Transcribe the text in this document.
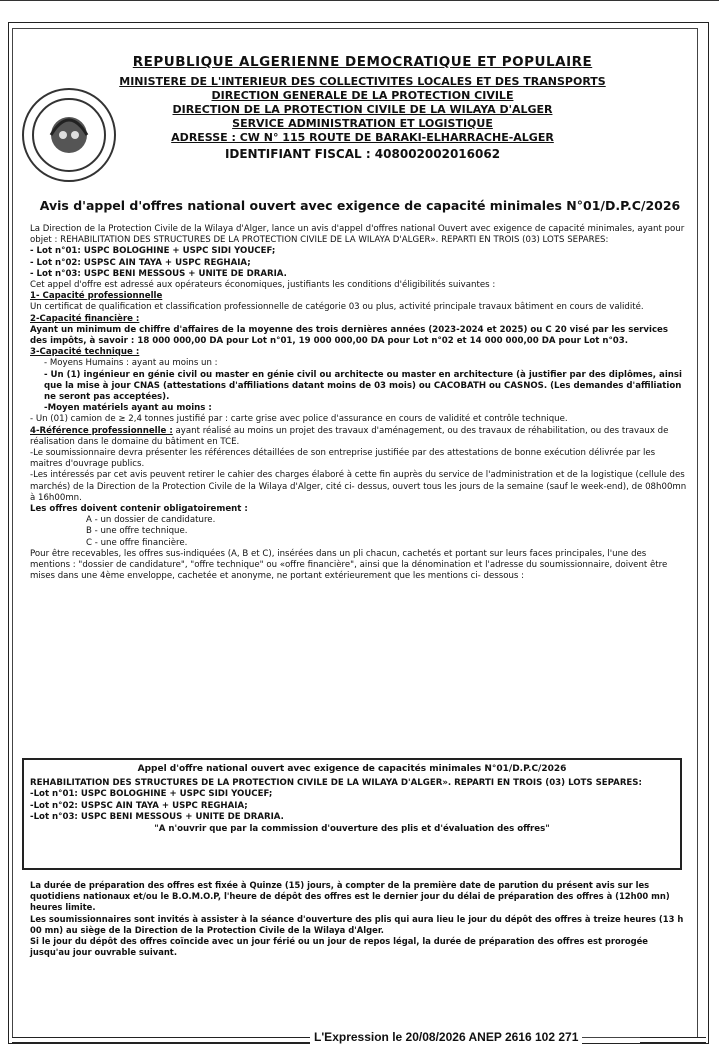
REPUBLIQUE ALGERIENNE DEMOCRATIQUE ET POPULAIRE
MINISTERE DE L'INTERIEUR DES COLLECTIVITES LOCALES ET DES TRANSPORTS
DIRECTION GENERALE DE LA PROTECTION CIVILE
DIRECTION DE LA PROTECTION CIVILE DE LA WILAYA D'ALGER
SERVICE ADMINISTRATION ET LOGISTIQUE
ADRESSE : CW N° 115 ROUTE DE BARAKI-ELHARRACHE-ALGER
IDENTIFIANT FISCAL : 408002002016062
Avis d'appel d'offres national ouvert avec exigence de capacité minimales N°01/D.P.C/2026

La Direction de la Protection Civile de la Wilaya d'Alger, lance un avis d'appel d'offres national Ouvert avec exigence de capacité minimales, ayant pour objet : REHABILITATION DES STRUCTURES DE LA PROTECTION CIVILE DE LA WILAYA D'ALGER». REPARTI EN TROIS (03) LOTS SEPARES:

- Lot n°01: USPC BOLOGHINE + USPC SIDI YOUCEF;

- Lot n°02: USPSC AIN TAYA + USPC REGHAIA;

- Lot n°03: USPC BENI MESSOUS + UNITE DE DRARIA.

Cet appel d'offre est adressé aux opérateurs économiques, justifiants les conditions d'éligibilités suivantes :

1- Capacité professionnelle

Un certificat de qualification et classification professionnelle de catégorie 03 ou plus, activité principale travaux bâtiment en cours de validité.

2-Capacité financière :

Ayant un minimum de chiffre d'affaires de la moyenne des trois dernières années (2023-2024 et 2025) ou C 20 visé par les services des impôts, à savoir : 18 000 000,00 DA pour Lot n°01, 19 000 000,00 DA pour Lot n°02 et 14 000 000,00 DA pour Lot n°03.

3-Capacité technique :

- Moyens Humains : ayant au moins un :

- Un (1) ingénieur en génie civil ou master en génie civil ou architecte ou master en architecture (à justifier par des diplômes, ainsi que la mise à jour CNAS (attestations d'affiliations datant moins de 03 mois) ou CACOBATH ou CASNOS. (Les demandes d'affiliation ne seront pas acceptées).

-Moyen matériels ayant au moins :

- Un (01) camion de ≥ 2,4 tonnes justifié par : carte grise avec police d'assurance en cours de validité et contrôle technique.

4-Référence professionnelle : ayant réalisé au moins un projet des travaux d'aménagement, ou des travaux de réhabilitation, ou des travaux de réalisation dans le domaine du bâtiment en TCE.

-Le soumissionnaire devra présenter les références détaillées de son entreprise justifiée par des attestations de bonne exécution délivrée par les maitres d'ouvrage publics.

-Les intéressés par cet avis peuvent retirer le cahier des charges élaboré à cette fin auprès du service de l'administration et de la logistique (cellule des marchés) de la Direction de la Protection Civile de la Wilaya d'Alger, cité ci- dessus, ouvert tous les jours de la semaine (sauf le week-end), de 08h00mn à 16h00mn.

Les offres doivent contenir obligatoirement :

A - un dossier de candidature.

B - une offre technique.

C - une offre financière.

Pour être recevables, les offres sus-indiquées (A, B et C), insérées dans un pli chacun, cachetés et portant sur leurs faces principales, l'une des mentions : "dossier de candidature", "offre technique" ou «offre financière", ainsi que la dénomination et l'adresse du soumissionnaire, doivent être mises dans une 4ème enveloppe, cachetée et anonyme, ne portant extérieurement que les mentions ci- dessous :

Appel d'offre national ouvert avec exigence de capacités minimales N°01/D.P.C/2026
REHABILITATION DES STRUCTURES DE LA PROTECTION CIVILE DE LA WILAYA D'ALGER». REPARTI EN TROIS (03) LOTS SEPARES:
-Lot n°01: USPC BOLOGHINE + USPC SIDI YOUCEF;
-Lot n°02: USPSC AIN TAYA + USPC REGHAIA;
-Lot n°03: USPC BENI MESSOUS + UNITE DE DRARIA.
"A n'ouvrir que par la commission d'ouverture des plis et d'évaluation des offres"

La durée de préparation des offres est fixée à Quinze (15) jours, à compter de la première date de parution du présent avis sur les quotidiens nationaux et/ou le B.O.M.O.P, l'heure de dépôt des offres est le dernier jour du délai de préparation des offres à (12h00 mn) heures limite.

Les soumissionnaires sont invités à assister à la séance d'ouverture des plis qui aura lieu le jour du dépôt des offres à treize heures (13 h 00 mn) au siège de la Direction de la Protection Civile de la Wilaya d'Alger.

Si le jour du dépôt des offres coïncide avec un jour férié ou un jour de repos légal, la durée de préparation des offres est prorogée jusqu'au jour ouvrable suivant.

L'Expression le 20/08/2026 ANEP 2616 102 271
